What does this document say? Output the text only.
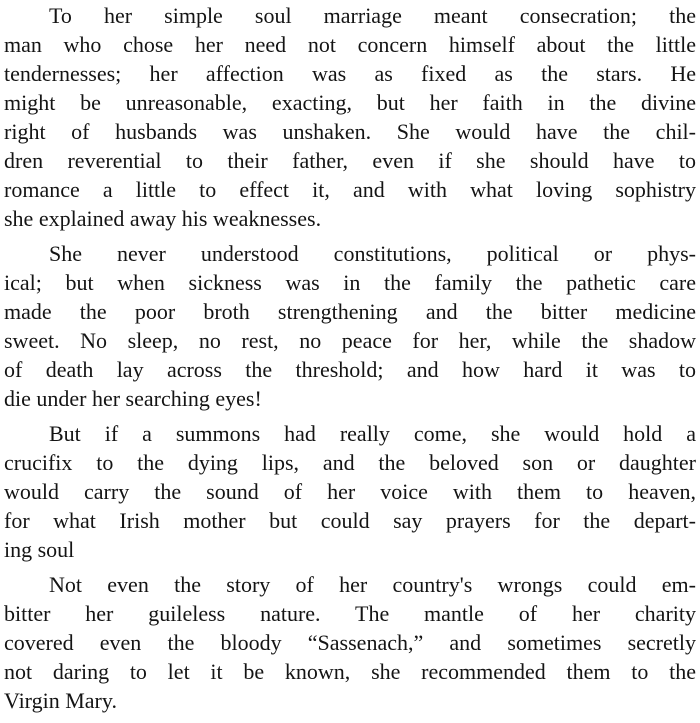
To her simple soul marriage meant consecration; the
man who chose her need not concern himself about the little
tendernesses; her affection was as fixed as the stars. He
might be unreasonable, exacting, but her faith in the divine
right of husbands was unshaken. She would have the chil-
dren reverential to their father, even if she should have to
romance a little to effect it, and with what loving sophistry
she explained away his weaknesses.
She never understood constitutions, political or phys-
ical; but when sickness was in the family the pathetic care
made the poor broth strengthening and the bitter medicine
sweet. No sleep, no rest, no peace for her, while the shadow
of death lay across the threshold; and how hard it was to
die under her searching eyes!
But if a summons had really come, she would hold a
crucifix to the dying lips, and the beloved son or daughter
would carry the sound of her voice with them to heaven,
for what Irish mother but could say prayers for the depart-
ing soul
Not even the story of her country's wrongs could em-
bitter her guileless nature. The mantle of her charity
covered even the bloody “Sassenach,” and sometimes secretly
not daring to let it be known, she recommended them to the
Virgin Mary.
